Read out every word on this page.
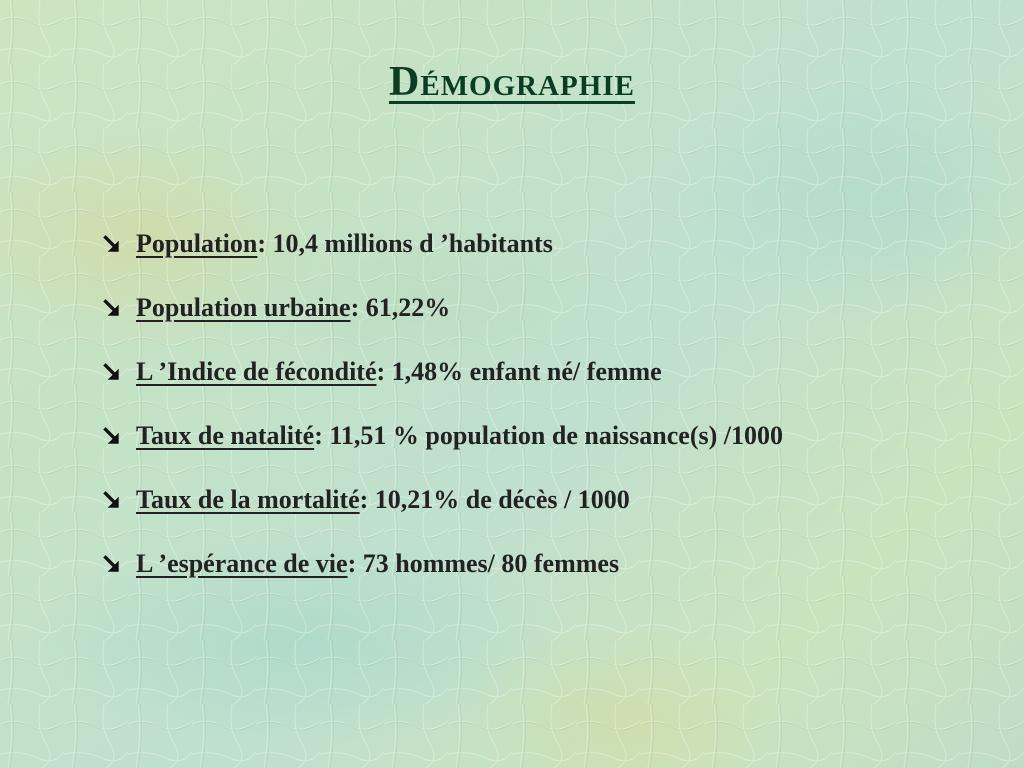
Démographie
Population : 10,4 millions d ’habitants
Population urbaine : 61,22%
L ’Indice de fécondité : 1,48% enfant né/ femme
Taux de natalité : 11,51 % population de naissance(s) /1000
Taux de la mortalité : 10,21% de décès / 1000
L ’espérance de vie : 73 hommes/ 80 femmes
